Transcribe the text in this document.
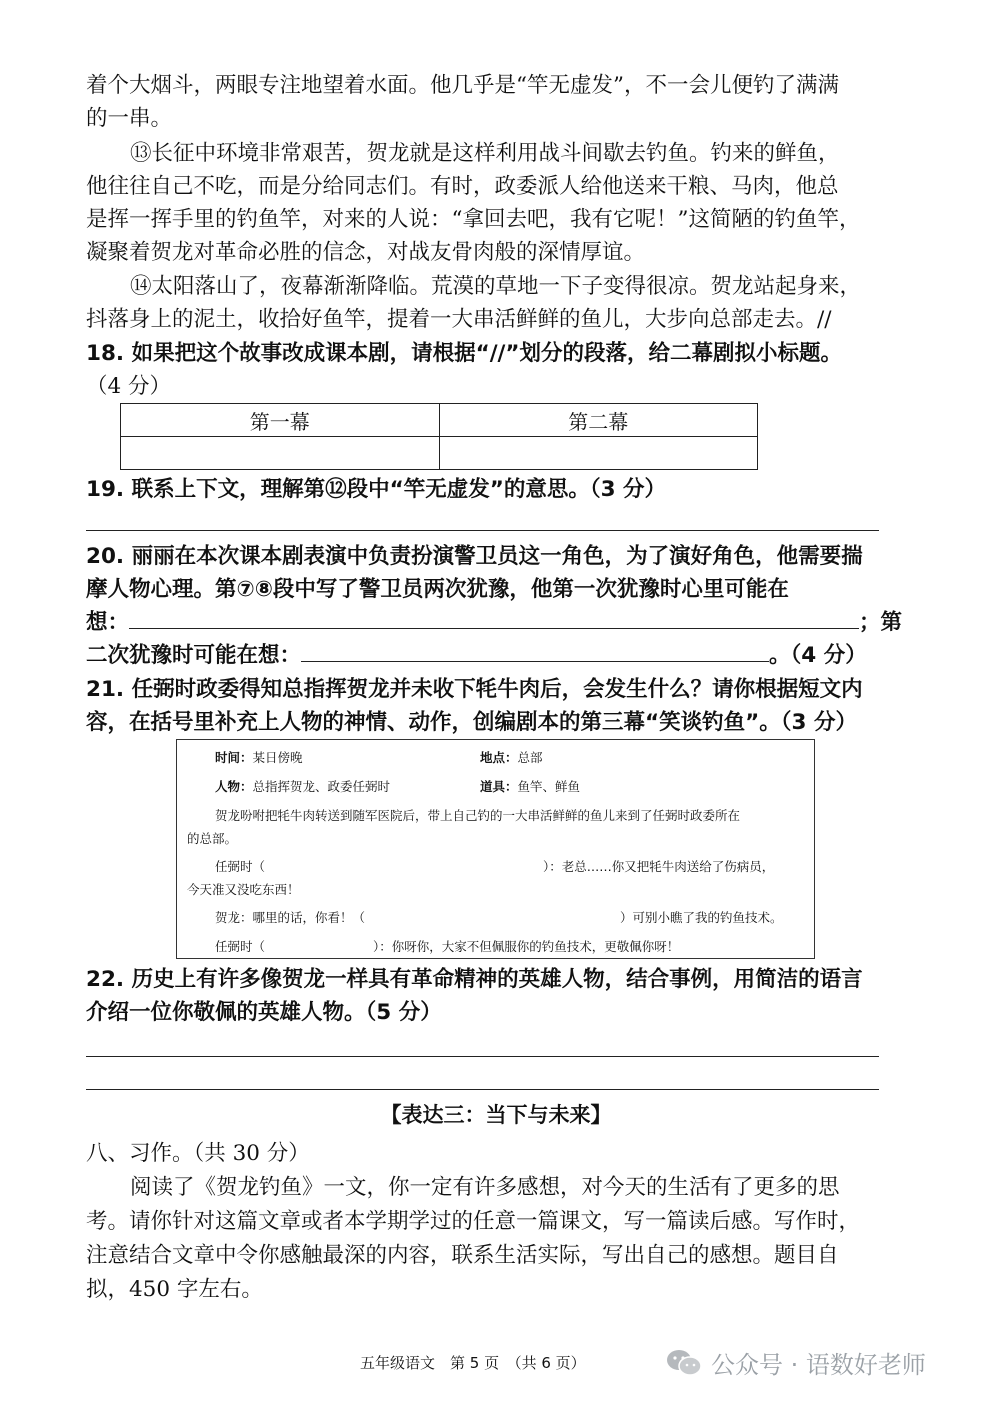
着个大烟斗，两眼专注地望着水面。他几乎是“竿无虚发”，不一会儿便钓了满满
的一串。
⑬长征中环境非常艰苦，贺龙就是这样利用战斗间歇去钓鱼。钓来的鲜鱼，
他往往自己不吃，而是分给同志们。有时，政委派人给他送来干粮、马肉，他总
是挥一挥手里的钓鱼竿，对来的人说：“拿回去吧，我有它呢！”这简陋的钓鱼竿，
凝聚着贺龙对革命必胜的信念，对战友骨肉般的深情厚谊。
⑭太阳落山了，夜幕渐渐降临。荒漠的草地一下子变得很凉。贺龙站起身来，
抖落身上的泥土，收拾好鱼竿，提着一大串活鲜鲜的鱼儿，大步向总部走去。//
18. 如果把这个故事改成课本剧，请根据“//”划分的段落，给二幕剧拟小标题。
（4 分）
第一幕	第二幕

19. 联系上下文，理解第⑫段中“竿无虚发”的意思。（3 分）
20. 丽丽在本次课本剧表演中负责扮演警卫员这一角色，为了演好角色，他需要揣
摩人物心理。第⑦⑧段中写了警卫员两次犹豫，他第一次犹豫时心里可能在
想：	；第
二次犹豫时可能在想：	。（4 分）
21. 任弼时政委得知总指挥贺龙并未收下牦牛肉后，会发生什么？请你根据短文内
容，在括号里补充上人物的神情、动作，创编剧本的第三幕“笑谈钓鱼”。（3 分）
时间：某日傍晚	地点：总部
人物：总指挥贺龙、政委任弼时	道具：鱼竿、鲜鱼
贺龙吩咐把牦牛肉转送到随军医院后，带上自己钓的一大串活鲜鲜的鱼儿来到了任弼时政委所在
的总部。
任弼时（	）：老总……你又把牦牛肉送给了伤病员，
今天准又没吃东西！
贺龙：哪里的话，你看！（	）可别小瞧了我的钓鱼技术。
任弼时（	）：你呀你，大家不但佩服你的钓鱼技术，更敬佩你呀！
22. 历史上有许多像贺龙一样具有革命精神的英雄人物，结合事例，用简洁的语言
介绍一位你敬佩的英雄人物。（5 分）
【表达三：当下与未来】
八、习作。（共 30 分）
阅读了《贺龙钓鱼》一文，你一定有许多感想，对今天的生活有了更多的思
考。请你针对这篇文章或者本学期学过的任意一篇课文，写一篇读后感。写作时，
注意结合文章中令你感触最深的内容，联系生活实际，写出自己的感想。题目自
拟，450 字左右。
五年级语文　第 5 页　（共 6 页）	公众号 · 语数好老师
